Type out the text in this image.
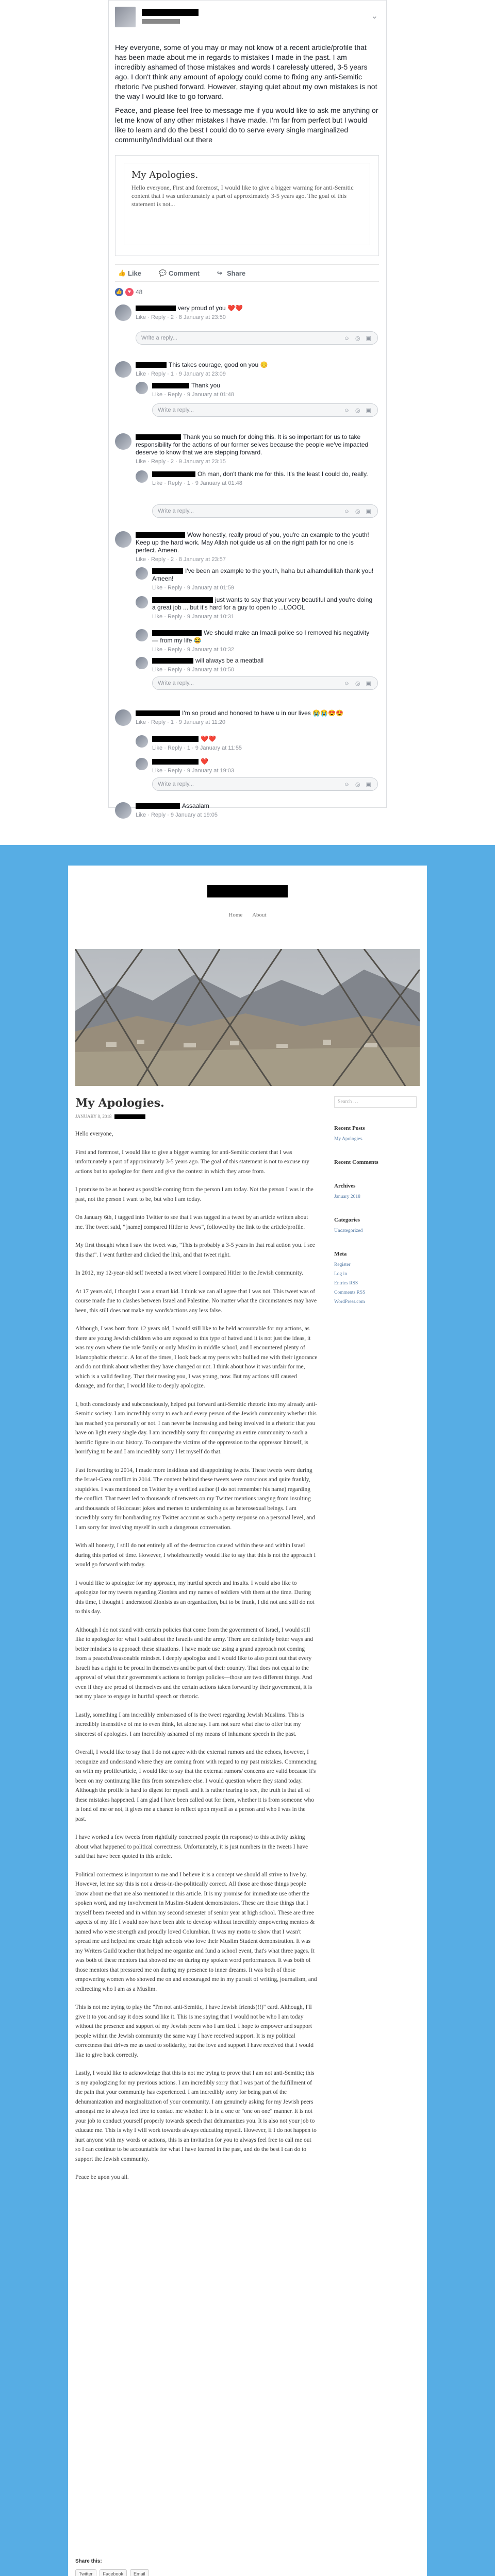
⌄

Hey everyone, some of you may or may not know of a recent article/profile that has been made about me in regards to mistakes I made in the past. I am incredibly ashamed of those mistakes and words I carelessly uttered, 3-5 years ago. I don't think any amount of apology could come to fixing any anti-Semitic rhetoric I've pushed forward. However, staying quiet about my own mistakes is not the way I would like to go forward.

Peace, and please feel free to message me if you would like to ask me anything or let me know of any other mistakes I have made. I'm far from perfect but I would like to learn and do the best I could do to serve every single marginalized community/individual out there

My Apologies.
Hello everyone, First and foremost, I would like to give a bigger warning for anti-Semitic content that I was unfortunately a part of approximately 3-5 years ago. The goal of this statement is not...
👍 Like	💬 Comment	↪ Share
👍	♥ 48
very proud of you ❤️❤️
Like · Reply · 2 · 8 January at 23:50
Write a reply...	☺ ◎ ▣
This takes courage, good on you 😊
Like · Reply · 1 · 9 January at 23:09
Thank you
Like · Reply · 9 January at 01:48
Write a reply...	☺ ◎ ▣
Thank you so much for doing this. It is so important for us to take responsibility for the actions of our former selves because the people we've impacted deserve to know that we are stepping forward.
Like · Reply · 2 · 9 January at 23:15
Oh man, don't thank me for this. It's the least I could do, really.
Like · Reply · 1 · 9 January at 01:48
Write a reply...	☺ ◎ ▣
Wow honestly, really proud of you, you're an example to the youth! Keep up the hard work. May Allah not guide us all on the right path for no one is perfect. Ameen.
Like · Reply · 2 · 8 January at 23:57
I've been an example to the youth, haha but alhamdulillah thank you! Ameen!
Like · Reply · 9 January at 01:59
just wants to say that your very beautiful and you're doing a great job ... but it's hard for a guy to open to ...LOOOL
Like · Reply · 9 January at 10:31
We should make an Imaali police so I removed his negativity — from my life 😂
Like · Reply · 9 January at 10:32
will always be a meatball
Like · Reply · 9 January at 10:50
Write a reply...	☺ ◎ ▣
I'm so proud and honored to have u in our lives 😭😭😍😍
Like · Reply · 1 · 9 January at 11:20
❤️❤️
Like · Reply · 1 · 9 January at 11:55
❤️
Like · Reply · 9 January at 19:03
Write a reply...	☺ ◎ ▣
Assaalam
Like · Reply · 9 January at 19:05
Home About
My Apologies.
JANUARY 8, 2018

Hello everyone,

First and foremost, I would like to give a bigger warning for anti-Semitic content that I was unfortunately a part of approximately 3-5 years ago. The goal of this statement is not to excuse my actions but to apologize for them and give the context in which they arose from.

I promise to be as honest as possible coming from the person I am today. Not the person I was in the past, not the person I want to be, but who I am today.

On January 6th, I tagged into Twitter to see that I was tagged in a tweet by an article written about me. The tweet said, "[name] compared Hitler to Jews", followed by the link to the article/profile.

My first thought when I saw the tweet was, "This is probably a 3-5 years in that real action you. I see this that". I went further and clicked the link, and that tweet right.

In 2012, my 12-year-old self tweeted a tweet where I compared Hitler to the Jewish community.

At 17 years old, I thought I was a smart kid. I think we can all agree that I was not. This tweet was of course made due to clashes between Israel and Palestine. No matter what the circumstances may have been, this still does not make my words/actions any less false.

Although, I was born from 12 years old, I would still like to be held accountable for my actions, as there are young Jewish children who are exposed to this type of hatred and it is not just the ideas, it was my own where the role family or only Muslim in middle school, and I encountered plenty of Islamophobic rhetoric. A lot of the times, I look back at my peers who bullied me with their ignorance and do not think about whether they have changed or not. I think about how it was unfair for me, which is a valid feeling. That their teasing you, I was young, now. But my actions still caused damage, and for that, I would like to deeply apologize.

I, both consciously and subconsciously, helped put forward anti-Semitic rhetoric into my already anti-Semitic society. I am incredibly sorry to each and every person of the Jewish community whether this has reached you personally or not. I can never be increasing and being involved in a rhetoric that you have on light every single day. I am incredibly sorry for comparing an entire community to such a horrific figure in our history. To compare the victims of the oppression to the oppressor himself, is horrifying to be and I am incredibly sorry I let myself do that.

Fast forwarding to 2014, I made more insidious and disappointing tweets. These tweets were during the Israel-Gaza conflict in 2014. The content behind these tweets were conscious and quite frankly, stupid/ies. I was mentioned on Twitter by a verified author (I do not remember his name) regarding the conflict. That tweet led to thousands of retweets on my Twitter mentions ranging from insulting and thousands of Holocaust jokes and memes to undermining us as heterosexual beings. I am incredibly sorry for bombarding my Twitter account as such a petty response on a personal level, and I am sorry for involving myself in such a dangerous conversation.

With all honesty, I still do not entirely all of the destruction caused within these and within Israel during this period of time. However, I wholeheartedly would like to say that this is not the approach I would go forward with today.

I would like to apologize for my approach, my hurtful speech and insults. I would also like to apologize for my tweets regarding Zionists and my names of soldiers with them at the time. During this time, I thought I understood Zionists as an organization, but to be frank, I did not and still do not to this day.

Although I do not stand with certain policies that come from the government of Israel, I would still like to apologize for what I said about the Israelis and the army. There are definitely better ways and better mindsets to approach these situations. I have made use using a grand approach not coming from a peaceful/reasonable mindset. I deeply apologize and I would like to also point out that every Israeli has a right to be proud in themselves and be part of their country. That does not equal to the approval of what their government's actions to foreign policies—those are two different things. And even if they are proud of themselves and the certain actions taken forward by their government, it is not my place to engage in hurtful speech or rhetoric.

Lastly, something I am incredibly embarrassed of is the tweet regarding Jewish Muslims. This is incredibly insensitive of me to even think, let alone say. I am not sure what else to offer but my sincerest of apologies. I am incredibly ashamed of my means of inhumane speech in the past.

Overall, I would like to say that I do not agree with the external rumors and the echoes, however, I recognize and understand where they are coming from with regard to my past mistakes. Commencing on with my profile/article, I would like to say that the external rumors/ concerns are valid because it's been on my continuing like this from somewhere else. I would question where they stand today. Although the profile is hard to digest for myself and it is rather tearing to see, the truth is that all of these mistakes happened. I am glad I have been called out for them, whether it is from someone who is fond of me or not, it gives me a chance to reflect upon myself as a person and who I was in the past.

I have worked a few tweets from rightfully concerned people (in response) to this activity asking about what happened to political correctness. Unfortunately, it is just numbers in the tweets I have said that have been quoted in this article.

Political correctness is important to me and I believe it is a concept we should all strive to live by. However, let me say this is not a dress-in-the-politically correct. All those are those things people know about me that are also mentioned in this article. It is my promise for immediate use other the spoken word, and my involvement in Muslim-Student demonstrators. These are those things that I myself been tweeted and in within my second semester of senior year at high school. These are three aspects of my life I would now have been able to develop without incredibly empowering mentors & named who were strength and proudly loved Columbian. It was my motto to show that I wasn't spread me and helped me create high schools who love their Muslim Student demonstration. It was my Writers Guild teacher that helped me organize and fund a school event, that's what three pages. It was both of these mentors that showed me on during my spoken word performances. It was both of those mentors that pressured me on during my presence to inner dreams. It was both of those empowering women who showed me on and encouraged me in my pursuit of writing, journalism, and redirecting who I am as a Muslim.

This is not me trying to play the "I'm not anti-Semitic, I have Jewish friends(!!)" card. Although, I'll give it to you and say it does sound like it. This is me saying that I would not be who I am today without the presence and support of my Jewish peers who I am tied. I hope to empower and support people within the Jewish community the same way I have received support. It is my political correctness that drives me as used to solidarity, but the love and support I have received that I would like to give back correctly.

Lastly, I would like to acknowledge that this is not me trying to prove that I am not anti-Semitic; this is my apologizing for my previous actions. I am incredibly sorry that I was part of the fulfillment of the pain that your community has experienced. I am incredibly sorry for being part of the dehumanization and marginalization of your community. I am genuinely asking for my Jewish peers amongst me to always feel free to contact me whether it is in a one or "one on one" manner. It is not your job to conduct yourself properly towards speech that dehumanizes you. It is also not your job to educate me. This is why I will work towards always educating myself. However, if I do not happen to hurt anyone with my words or actions, this is an invitation for you to always feel free to call me out so I can continue to be accountable for what I have learned in the past, and do the best I can do to support the Jewish community.

Peace be upon you all.

Search …
Recent Posts
My Apologies.
Recent Comments
Archives
January 2018
Categories
Uncategorized
Meta
Register
Log in
Entries RSS
Comments RSS
WordPress.com
Share this:
Twitter	Facebook	Email
